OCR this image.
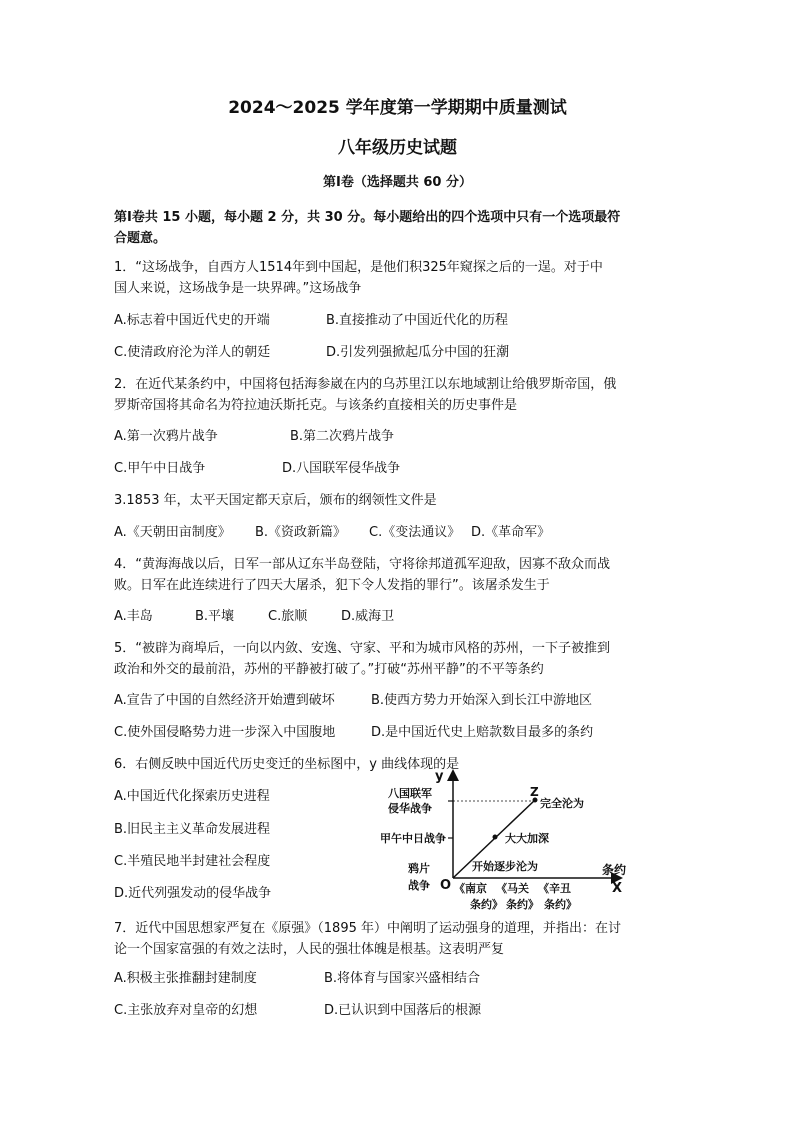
2024～2025 学年度第一学期期中质量测试
八年级历史试题
第Ⅰ卷（选择题共 60 分）
第Ⅰ卷共 15 小题，每小题 2 分，共 30 分。每小题给出的四个选项中只有一个选项最符
合题意。
1．“这场战争，自西方人1514年到中国起，是他们积325年窥探之后的一逞。对于中
国人来说，这场战争是一块界碑。”这场战争
A.标志着中国近代史的开端	B.直接推动了中国近代化的历程
C.使清政府沦为洋人的朝廷	D.引发列强掀起瓜分中国的狂潮
2．在近代某条约中，中国将包括海参崴在内的乌苏里江以东地域割让给俄罗斯帝国，俄
罗斯帝国将其命名为符拉迪沃斯托克。与该条约直接相关的历史事件是
A.第一次鸦片战争	B.第二次鸦片战争
C.甲午中日战争	D.八国联军侵华战争
3.1853 年，太平天国定都天京后，颁布的纲领性文件是
A.《天朝田亩制度》 B.《资政新篇》 C.《变法通议》 D.《革命军》
4．“黄海海战以后，日军一部从辽东半岛登陆，守将徐邦道孤军迎敌，因寡不敌众而战
败。日军在此连续进行了四天大屠杀，犯下令人发指的罪行”。该屠杀发生于
A.丰岛	B.平壤	C.旅顺	D.威海卫
5．“被辟为商埠后，一向以内敛、安逸、守家、平和为城市风格的苏州，一下子被推到
政治和外交的最前沿，苏州的平静被打破了。”打破“苏州平静”的不平等条约
A.宣告了中国的自然经济开始遭到破坏	B.使西方势力开始深入到长江中游地区
C.使外国侵略势力进一步深入中国腹地	D.是中国近代史上赔款数目最多的条约
6．右侧反映中国近代历史变迁的坐标图中，y 曲线体现的是
A.中国近代化探索历史进程
B.旧民主主义革命发展进程
C.半殖民地半封建社会程度
D.近代列强发动的侵华战争
y
X
O
条约
八国联军
侵华战争
甲午中日战争
鸦片
战争 《南京
条约》
《马关
条约》
《辛丑
条约》
Z
开始逐步沦为
大大加深
完全沦为
7．近代中国思想家严复在《原强》（1895 年）中阐明了运动强身的道理，并指出：在讨
论一个国家富强的有效之法时，人民的强壮体魄是根基。这表明严复
A.积极主张推翻封建制度	B.将体育与国家兴盛相结合
C.主张放弃对皇帝的幻想	D.已认识到中国落后的根源
